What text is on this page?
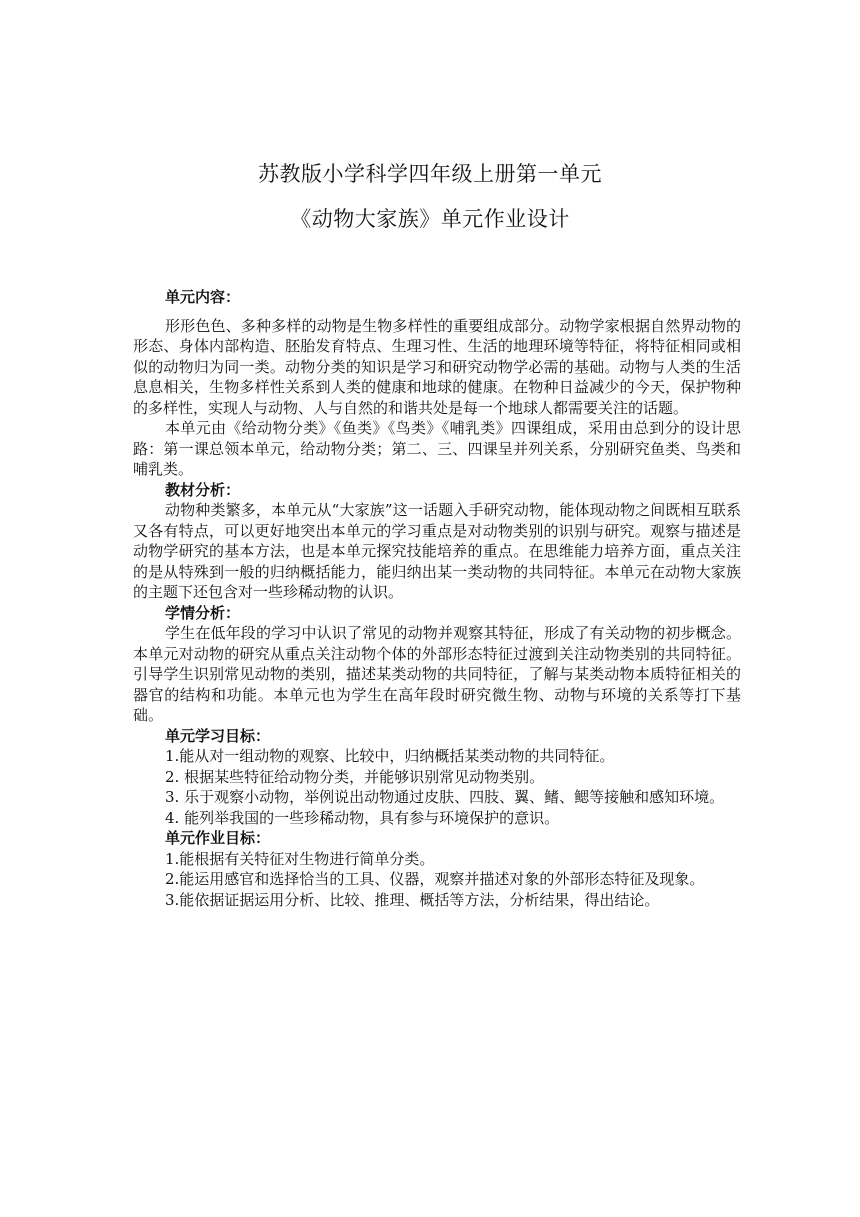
苏教版小学科学四年级上册第一单元
《动物大家族》单元作业设计

单元内容：

形形色色、多种多样的动物是生物多样性的重要组成部分。动物学家根据自然界动物的形态、身体内部构造、胚胎发育特点、生理习性、生活的地理环境等特征，将特征相同或相似的动物归为同一类。动物分类的知识是学习和研究动物学必需的基础。动物与人类的生活息息相关，生物多样性关系到人类的健康和地球的健康。在物种日益减少的今天，保护物种的多样性，实现人与动物、人与自然的和谐共处是每一个地球人都需要关注的话题。

本单元由《给动物分类》《鱼类》《鸟类》《哺乳类》四课组成，采用由总到分的设计思路：第一课总领本单元，给动物分类；第二、三、四课呈并列关系，分别研究鱼类、鸟类和哺乳类。

教材分析：

动物种类繁多，本单元从“大家族”这一话题入手研究动物，能体现动物之间既相互联系又各有特点，可以更好地突出本单元的学习重点是对动物类别的识别与研究。观察与描述是动物学研究的基本方法，也是本单元探究技能培养的重点。在思维能力培养方面，重点关注的是从特殊到一般的归纳概括能力，能归纳出某一类动物的共同特征。本单元在动物大家族的主题下还包含对一些珍稀动物的认识。

学情分析：

学生在低年段的学习中认识了常见的动物并观察其特征，形成了有关动物的初步概念。本单元对动物的研究从重点关注动物个体的外部形态特征过渡到关注动物类别的共同特征。引导学生识别常见动物的类别，描述某类动物的共同特征，了解与某类动物本质特征相关的器官的结构和功能。本单元也为学生在高年段时研究微生物、动物与环境的关系等打下基础。

单元学习目标：

1.能从对一组动物的观察、比较中，归纳概括某类动物的共同特征。

2. 根据某些特征给动物分类，并能够识别常见动物类别。

3. 乐于观察小动物，举例说出动物通过皮肤、四肢、翼、鳍、鳃等接触和感知环境。

4. 能列举我国的一些珍稀动物，具有参与环境保护的意识。

单元作业目标：

1.能根据有关特征对生物进行简单分类。

2.能运用感官和选择恰当的工具、仪器，观察并描述对象的外部形态特征及现象。

3.能依据证据运用分析、比较、推理、概括等方法，分析结果，得出结论。
